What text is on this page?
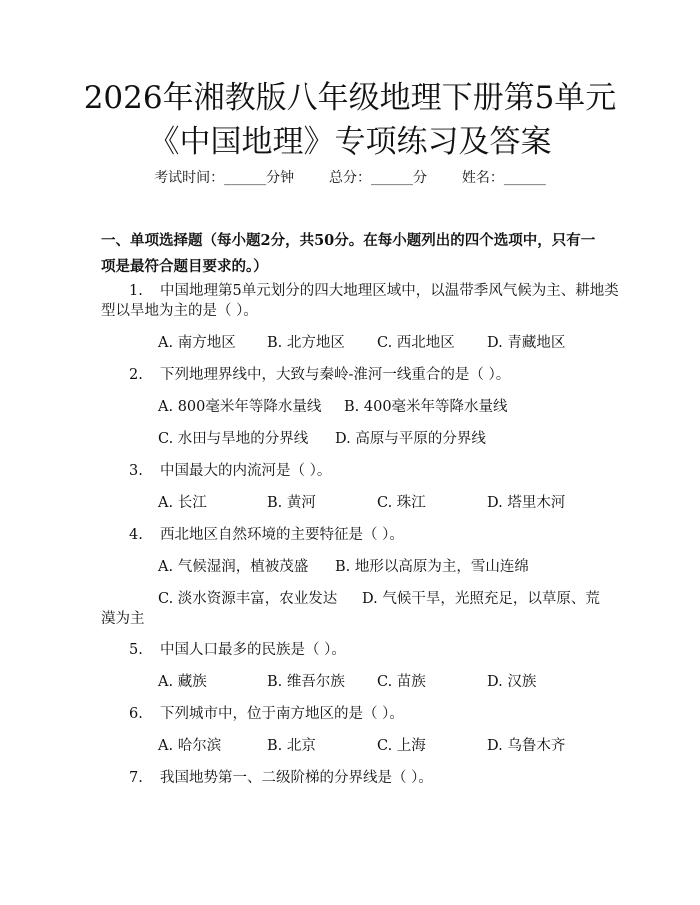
2026年湘教版八年级地理下册第5单元《中国地理》专项练习及答案
考试时间：______分钟 总分：______分 姓名：______

一、单项选择题（每小题2分，共50分。在每小题列出的四个选项中，只有一项是最符合题目要求的。）

1. 中国地理第5单元划分的四大地理区域中，以温带季风气候为主、耕地类
型以旱地为主的是（ ）。
A. 南方地区 B. 北方地区 C. 西北地区 D. 青藏地区
2. 下列地理界线中，大致与秦岭-淮河一线重合的是（ ）。
A. 800毫米年等降水量线 B. 400毫米年等降水量线
C. 水田与旱地的分界线 D. 高原与平原的分界线
3. 中国最大的内流河是（ ）。
A. 长江	B. 黄河	C. 珠江	D. 塔里木河
4. 西北地区自然环境的主要特征是（ ）。
A. 气候湿润，植被茂盛 B. 地形以高原为主，雪山连绵
C. 淡水资源丰富，农业发达 D. 气候干旱，光照充足，以草原、荒
漠为主
5. 中国人口最多的民族是（ ）。
A. 藏族	B. 维吾尔族 C. 苗族	D. 汉族
6. 下列城市中，位于南方地区的是（ ）。
A. 哈尔滨	B. 北京	C. 上海	D. 乌鲁木齐
7. 我国地势第一、二级阶梯的分界线是（ ）。
